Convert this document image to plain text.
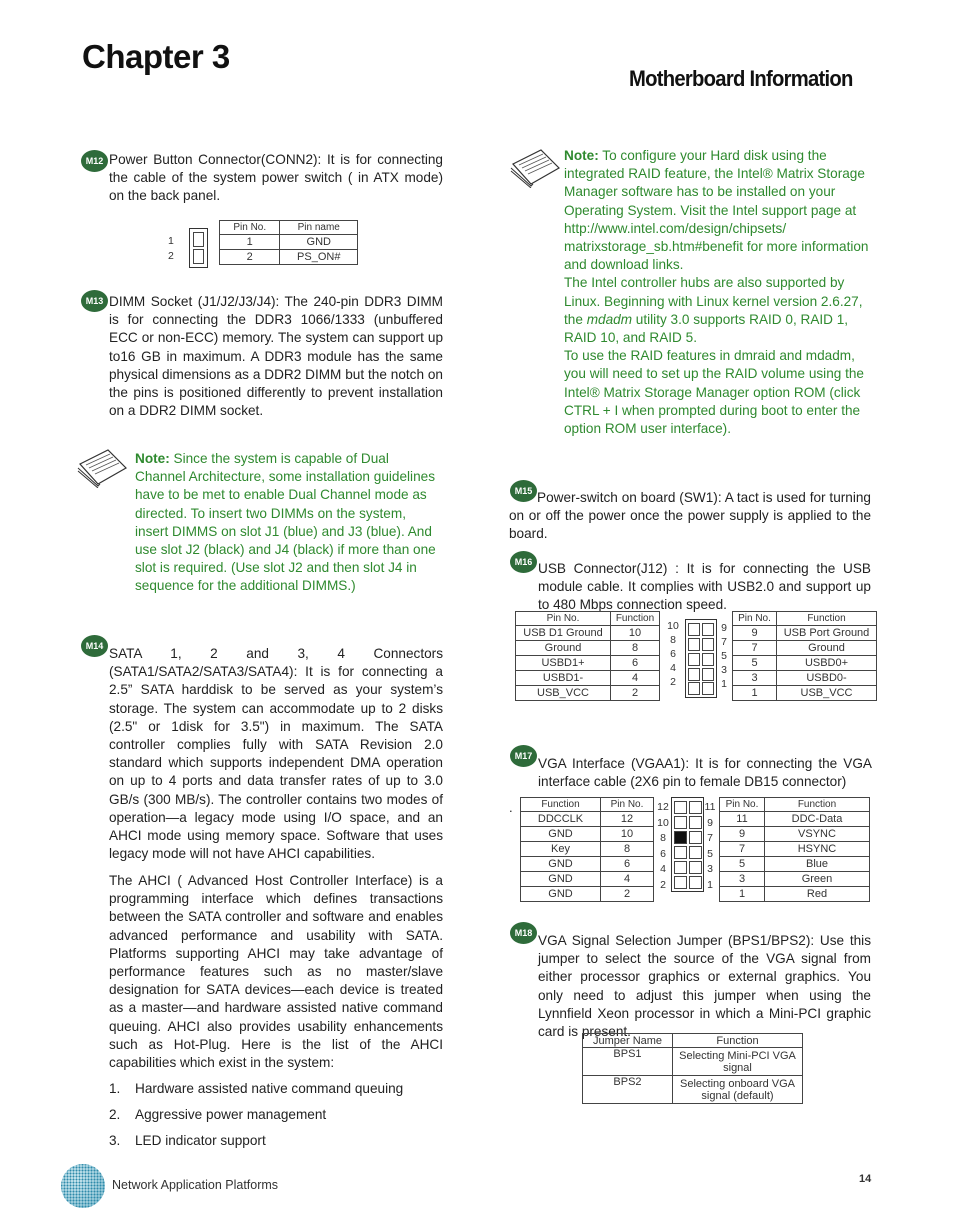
Chapter 3
Motherboard Information
M12 Power Button Connector(CONN2): It is for connecting the cable of the system power switch ( in ATX mode) on the back panel.
1
2
Pin No.	Pin name
1	GND
2	PS_ON#
M13 DIMM Socket (J1/J2/J3/J4): The 240-pin DDR3 DIMM is for connecting the DDR3 1066/1333 (unbuffered ECC or non-ECC) memory. The system can support up to16 GB in maximum. A DDR3 module has the same physical dimensions as a DDR2 DIMM but the notch on the pins is positioned differently to prevent installation on a DDR2 DIMM socket.
Note: Since the system is capable of Dual Channel Architecture, some installation guidelines have to be met to enable Dual Channel mode as directed. To insert two DIMMs on the system, insert DIMMS on slot J1 (blue) and J3 (blue). And use slot J2 (black) and J4 (black) if more than one slot is required. (Use slot J2 and then slot J4 in sequence for the additional DIMMS.)
M14 SATA 1, 2 and 3, 4 Connectors (SATA1/SATA2/SATA3/SATA4): It is for connecting a 2.5” SATA harddisk to be served as your system’s storage. The system can accommodate up to 2 disks (2.5" or 1disk for 3.5") in maximum. The SATA controller complies fully with SATA Revision 2.0 standard which supports independent DMA operation on up to 4 ports and data transfer rates of up to 3.0 GB/s (300 MB/s). The controller contains two modes of operation—a legacy mode using I/O space, and an AHCI mode using memory space. Software that uses legacy mode will not have AHCI capabilities.
The AHCI ( Advanced Host Controller Interface) is a programming interface which defines transactions between the SATA controller and software and enables advanced performance and usability with SATA. Platforms supporting AHCI may take advantage of performance features such as no master/slave designation for SATA devices—each device is treated as a master—and hardware assisted native command queuing. AHCI also provides usability enhancements such as Hot-Plug. Here is the list of the AHCI capabilities which exist in the system:
1. Hardware assisted native command queuing
2. Aggressive power management
3. LED indicator support
Note: To configure your Hard disk using the integrated RAID feature, the Intel® Matrix Storage Manager software has to be installed on your Operating System. Visit the Intel support page at http://www.intel.com/design/chipsets/ matrixstorage_sb.htm#benefit for more information and download links.
The Intel controller hubs are also supported by Linux. Beginning with Linux kernel version 2.6.27, the mdadm utility 3.0 supports RAID 0, RAID 1, RAID 10, and RAID 5.
To use the RAID features in dmraid and mdadm, you will need to set up the RAID volume using the Intel® Matrix Storage Manager option ROM (click CTRL + I when prompted during boot to enter the option ROM user interface).
M15 Power-switch on board (SW1): A tact is used for turning on or off the power once the power supply is applied to the board.
M16 USB Connector(J12) : It is for connecting the USB module cable. It complies with USB2.0 and support up to 480 Mbps connection speed.
Pin No.	Function
USB D1 Ground	10
Ground	8
USBD1+	6
USBD1-	4
USB_VCC	2
10
8
6
4
2
9
7
5
3
1
Pin No.	Function
9	USB Port Ground
7	Ground
5	USBD0+
3	USBD0-
1	USB_VCC
M17 VGA Interface (VGAA1): It is for connecting the VGA interface cable (2X6 pin to female DB15 connector)
.	Function	Pin No.
DDCCLK	12
GND	10
Key	8
GND	6
GND	4
GND	2
12
10
8
6
4
2
11
9
7
5
3
1
Pin No.	Function
11	DDC-Data
9	VSYNC
7	HSYNC
5	Blue
3	Green
1	Red
M18 VGA Signal Selection Jumper (BPS1/BPS2): Use this jumper to select the source of the VGA signal from either processor graphics or external graphics. You only need to adjust this jumper when using the Lynnfield Xeon processor in which a Mini-PCI graphic card is present.
Jumper Name	Function
BPS1	Selecting Mini-PCI VGA signal
BPS2	Selecting onboard VGA signal (default)
Network Application Platforms	14
